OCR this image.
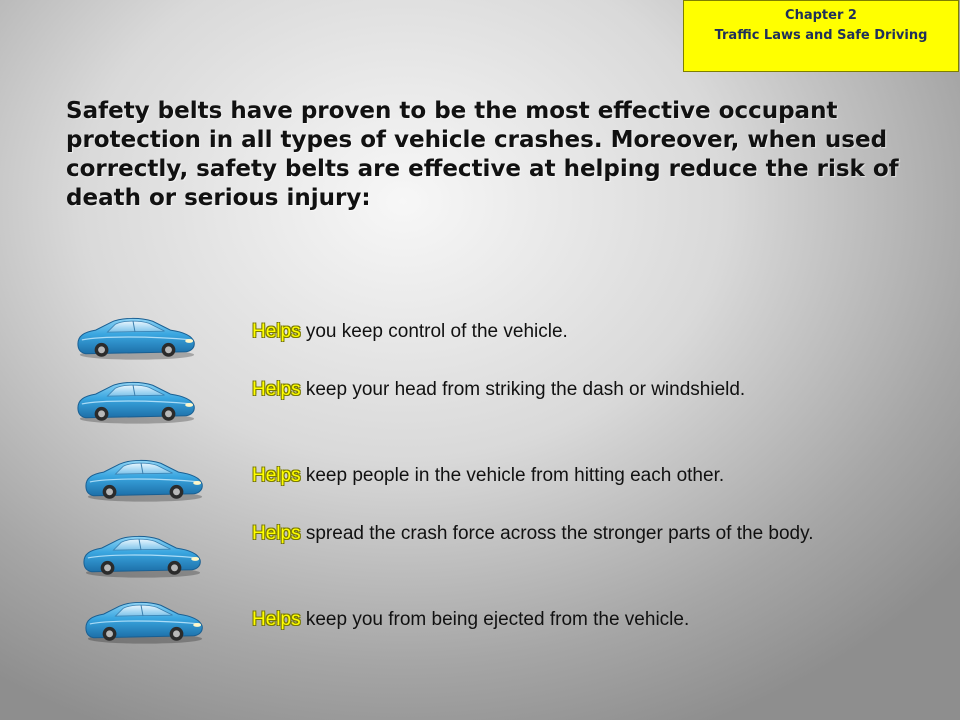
Chapter 2
Traffic Laws and Safe Driving

Safety belts have proven to be the most effective occupant protection in all types of vehicle crashes. Moreover, when used correctly, safety belts are effective at helping reduce the risk of death or serious injury:

Helps you keep control of the vehicle.

Helps keep your head from striking the dash or windshield.

Helps keep people in the vehicle from hitting each other.

Helps spread the crash force across the stronger parts of the body.

Helps keep you from being ejected from the vehicle.
